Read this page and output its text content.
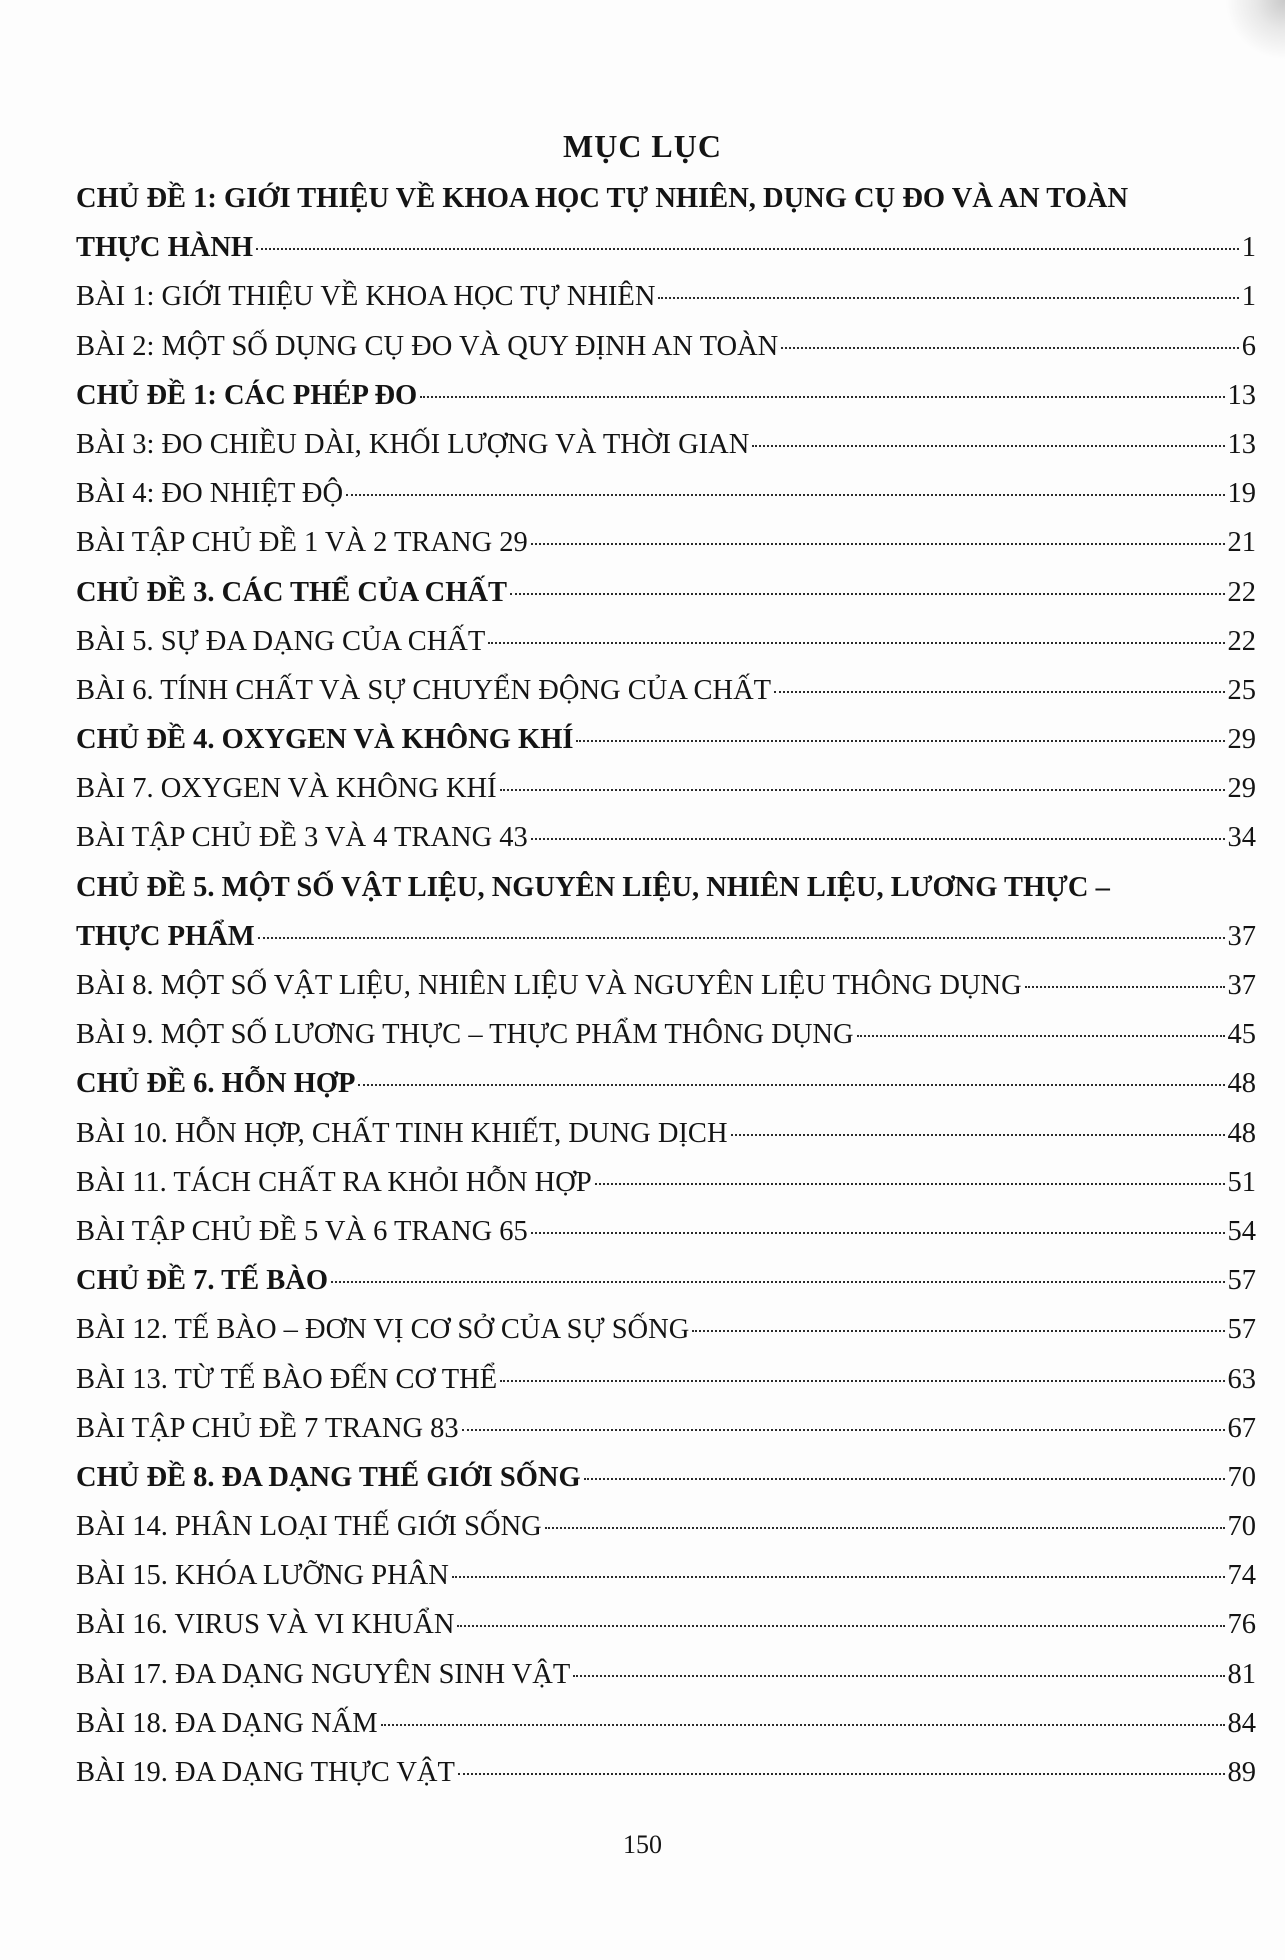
MỤC LỤC
CHỦ ĐỀ 1: GIỚI THIỆU VỀ KHOA HỌC TỰ NHIÊN, DỤNG CỤ ĐO VÀ AN TOÀN
THỰC HÀNH	1
BÀI 1: GIỚI THIỆU VỀ KHOA HỌC TỰ NHIÊN	1
BÀI 2: MỘT SỐ DỤNG CỤ ĐO VÀ QUY ĐỊNH AN TOÀN	6
CHỦ ĐỀ 1: CÁC PHÉP ĐO	13
BÀI 3: ĐO CHIỀU DÀI, KHỐI LƯỢNG VÀ THỜI GIAN	13
BÀI 4: ĐO NHIỆT ĐỘ	19
BÀI TẬP CHỦ ĐỀ 1 VÀ 2 TRANG 29	21
CHỦ ĐỀ 3. CÁC THỂ CỦA CHẤT	22
BÀI 5. SỰ ĐA DẠNG CỦA CHẤT	22
BÀI 6. TÍNH CHẤT VÀ SỰ CHUYỂN ĐỘNG CỦA CHẤT	25
CHỦ ĐỀ 4. OXYGEN VÀ KHÔNG KHÍ	29
BÀI 7. OXYGEN VÀ KHÔNG KHÍ	29
BÀI TẬP CHỦ ĐỀ 3 VÀ 4 TRANG 43	34
CHỦ ĐỀ 5. MỘT SỐ VẬT LIỆU, NGUYÊN LIỆU, NHIÊN LIỆU, LƯƠNG THỰC –
THỰC PHẨM	37
BÀI 8. MỘT SỐ VẬT LIỆU, NHIÊN LIỆU VÀ NGUYÊN LIỆU THÔNG DỤNG	37
BÀI 9. MỘT SỐ LƯƠNG THỰC – THỰC PHẨM THÔNG DỤNG	45
CHỦ ĐỀ 6. HỖN HỢP	48
BÀI 10. HỖN HỢP, CHẤT TINH KHIẾT, DUNG DỊCH	48
BÀI 11. TÁCH CHẤT RA KHỎI HỖN HỢP	51
BÀI TẬP CHỦ ĐỀ 5 VÀ 6 TRANG 65	54
CHỦ ĐỀ 7. TẾ BÀO	57
BÀI 12. TẾ BÀO – ĐƠN VỊ CƠ SỞ CỦA SỰ SỐNG	57
BÀI 13. TỪ TẾ BÀO ĐẾN CƠ THỂ	63
BÀI TẬP CHỦ ĐỀ 7 TRANG 83	67
CHỦ ĐỀ 8. ĐA DẠNG THẾ GIỚI SỐNG	70
BÀI 14. PHÂN LOẠI THẾ GIỚI SỐNG	70
BÀI 15. KHÓA LƯỠNG PHÂN	74
BÀI 16. VIRUS VÀ VI KHUẨN	76
BÀI 17. ĐA DẠNG NGUYÊN SINH VẬT	81
BÀI 18. ĐA DẠNG NẤM	84
BÀI 19. ĐA DẠNG THỰC VẬT	89

150
